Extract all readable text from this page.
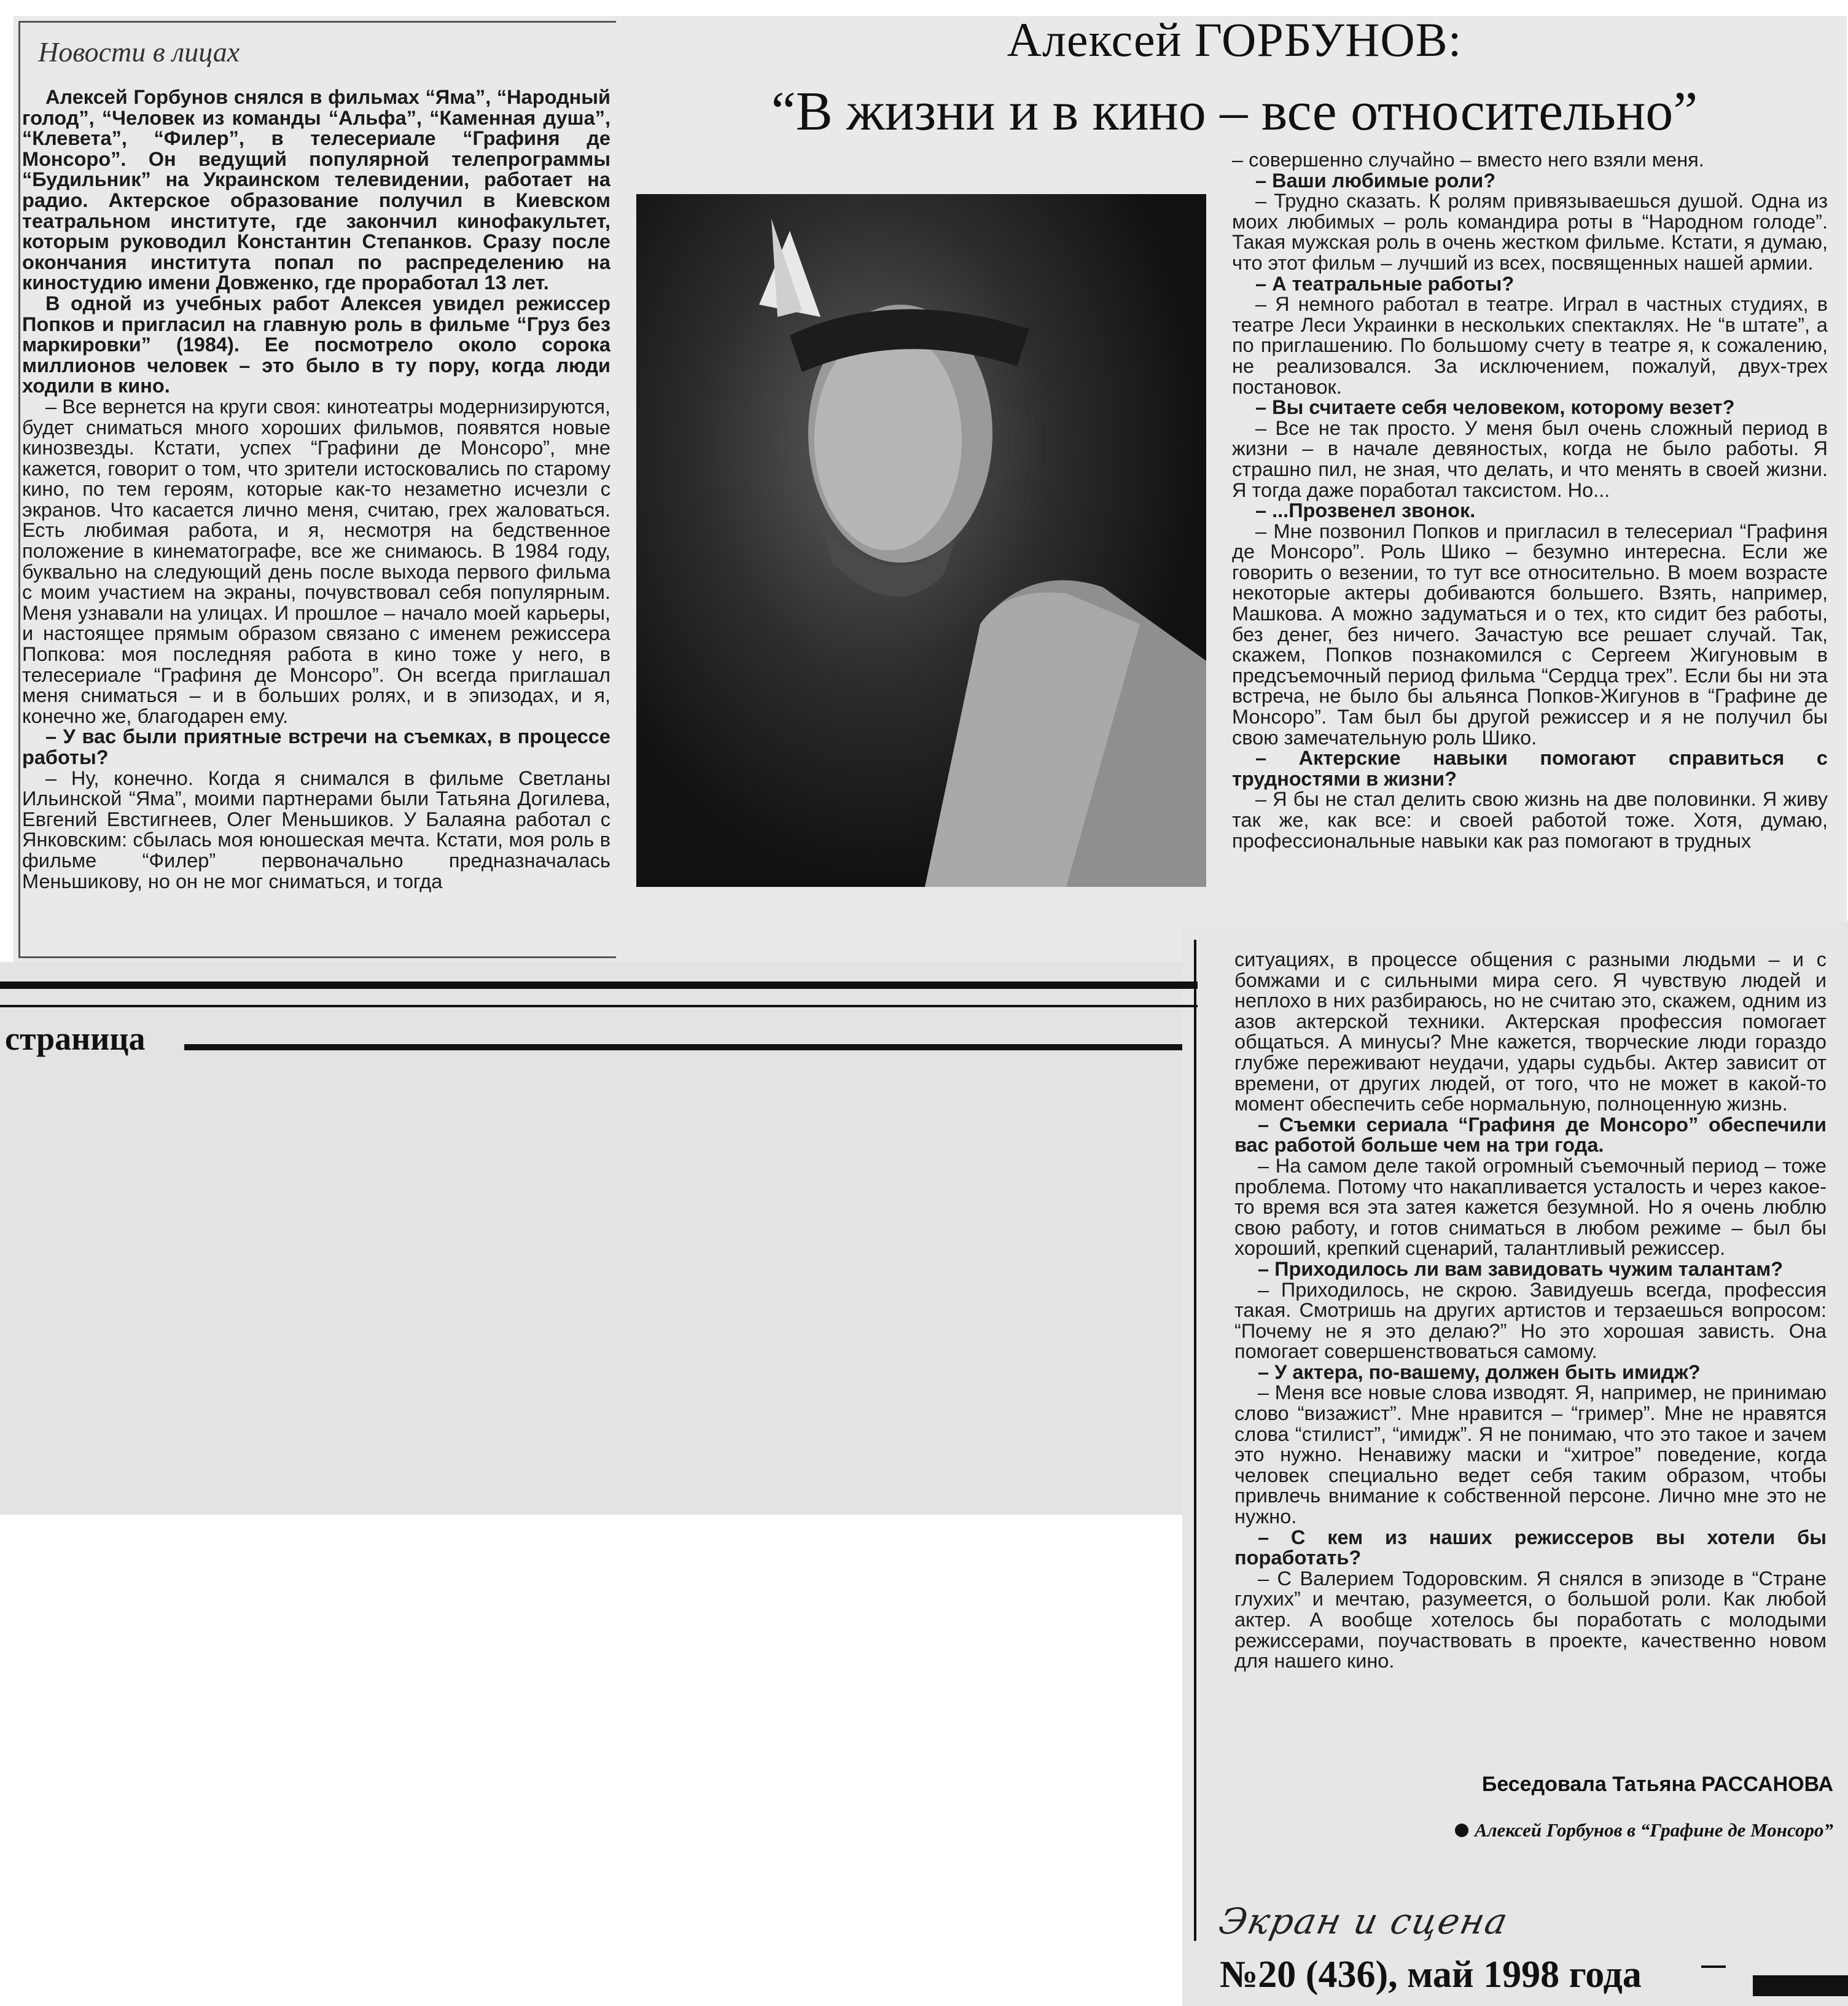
Новости в лицах	Алексей ГОРБУНОВ:
“В жизни и в кино – все относительно”

Алексей Горбунов снялся в фильмах “Яма”, “Народный голод”, “Человек из команды “Альфа”, “Каменная душа”, “Клевета”, “Филер”, в телесериале “Графиня де Монсоро”. Он ведущий популярной телепрограммы “Будильник” на Украинском телевидении, работает на радио. Актерское образование получил в Киевском театральном институте, где закончил кинофакультет, которым руководил Константин Степанков. Сразу после окончания института попал по распределению на киностудию имени Довженко, где проработал 13 лет.

В одной из учебных работ Алексея увидел режиссер Попков и пригласил на главную роль в фильме “Груз без маркировки” (1984). Ее посмотрело около сорока миллионов человек – это было в ту пору, когда люди ходили в кино.

– Все вернется на круги своя: кинотеатры модернизируются, будет сниматься много хороших фильмов, появятся новые кинозвезды. Кстати, успех “Графини де Монсоро”, мне кажется, говорит о том, что зрители истосковались по старому кино, по тем героям, которые как-то незаметно исчезли с экранов. Что касается лично меня, считаю, грех жаловаться. Есть любимая работа, и я, несмотря на бедственное положение в кинематографе, все же снимаюсь. В 1984 году, буквально на следующий день после выхода первого фильма с моим участием на экраны, почувствовал себя популярным. Меня узнавали на улицах. И прошлое – начало моей карьеры, и настоящее прямым образом связано с именем режиссера Попкова: моя последняя работа в кино тоже у него, в телесериале “Графиня де Монсоро”. Он всегда приглашал меня сниматься – и в больших ролях, и в эпизодах, и я, конечно же, благодарен ему.

– У вас были приятные встречи на съемках, в процессе работы?

– Ну, конечно. Когда я снимался в фильме Светланы Ильинской “Яма”, моими партнерами были Татьяна Догилева, Евгений Евстигнеев, Олег Меньшиков. У Балаяна работал с Янковским: сбылась моя юношеская мечта. Кстати, моя роль в фильме “Филер” первоначально предназначалась Меньшикову, но он не мог сниматься, и тогда

– совершенно случайно – вместо него взяли меня.

– Ваши любимые роли?

– Трудно сказать. К ролям привязываешься душой. Одна из моих любимых – роль командира роты в “Народном голоде”. Такая мужская роль в очень жестком фильме. Кстати, я думаю, что этот фильм – лучший из всех, посвященных нашей армии.

– А театральные работы?

– Я немного работал в театре. Играл в частных студиях, в театре Леси Украинки в нескольких спектаклях. Не “в штате”, а по приглашению. По большому счету в театре я, к сожалению, не реализовался. За исключением, пожалуй, двух-трех постановок.

– Вы считаете себя человеком, которому везет?

– Все не так просто. У меня был очень сложный период в жизни – в начале девяностых, когда не было работы. Я страшно пил, не зная, что делать, и что менять в своей жизни. Я тогда даже поработал таксистом. Но...

– ...Прозвенел звонок.

– Мне позвонил Попков и пригласил в телесериал “Графиня де Монсоро”. Роль Шико – безумно интересна. Если же говорить о везении, то тут все относительно. В моем возрасте некоторые актеры добиваются большего. Взять, например, Машкова. А можно задуматься и о тех, кто сидит без работы, без денег, без ничего. Зачастую все решает случай. Так, скажем, Попков познакомился с Сергеем Жигуновым в предсъемочный период фильма “Сердца трех”. Если бы ни эта встреча, не было бы альянса Попков-Жигунов в “Графине де Монсоро”. Там был бы другой режиссер и я не получил бы свою замечательную роль Шико.

– Актерские навыки помогают справиться с трудностями в жизни?

– Я бы не стал делить свою жизнь на две половинки. Я живу так же, как все: и своей работой тоже. Хотя, думаю, профессиональные навыки как раз помогают в трудных

ситуациях, в процессе общения с разными людьми – и с бомжами и с сильными мира сего. Я чувствую людей и неплохо в них разбираюсь, но не считаю это, скажем, одним из азов актерской техники. Актерская профессия помогает общаться. А минусы? Мне кажется, творческие люди гораздо глубже переживают неудачи, удары судьбы. Актер зависит от времени, от других людей, от того, что не может в какой-то момент обеспечить себе нормальную, полноценную жизнь.

– Съемки сериала “Графиня де Монсоро” обеспечили вас работой больше чем на три года.

– На самом деле такой огромный съемочный период – тоже проблема. Потому что накапливается усталость и через какое-то время вся эта затея кажется безумной. Но я очень люблю свою работу, и готов сниматься в любом режиме – был бы хороший, крепкий сценарий, талантливый режиссер.

– Приходилось ли вам завидовать чужим талантам?

– Приходилось, не скрою. Завидуешь всегда, профессия такая. Смотришь на других артистов и терзаешься вопросом: “Почему не я это делаю?” Но это хорошая зависть. Она помогает совершенствоваться самому.

– У актера, по-вашему, должен быть имидж?

– Меня все новые слова изводят. Я, например, не принимаю слово “визажист”. Мне нравится – “гример”. Мне не нравятся слова “стилист”, “имидж”. Я не понимаю, что это такое и зачем это нужно. Ненавижу маски и “хитрое” поведение, когда человек специально ведет себя таким образом, чтобы привлечь внимание к собственной персоне. Лично мне это не нужно.

– С кем из наших режиссеров вы хотели бы поработать?

– С Валерием Тодоровским. Я снялся в эпизоде в “Стране глухих” и мечтаю, разумеется, о большой роли. Как любой актер. А вообще хотелось бы поработать с молодыми режиссерами, поучаствовать в проекте, качественно новом для нашего кино.

страница
Беседовала Татьяна РАССАНОВА
Алексей Горбунов в “Графине де Монсоро”
Экран и сцена
№20 (436), май 1998 года
